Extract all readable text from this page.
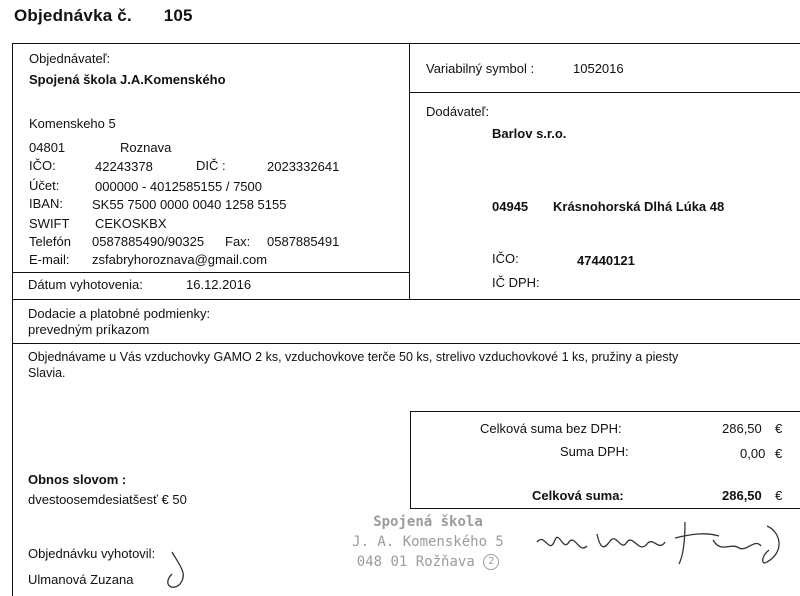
Objednávka č. 105
Objednávateľ:
Spojená škola J.A.Komenského
Komenskeho 5
04801	Roznava
IČO:	42243378	DIČ :	2023332641
Účet:	000000 - 4012585155 / 7500
IBAN: SK55 7500 0000 0040 1258 5155
SWIFT CEKOSKBX
Telefón 0587885490/90325 Fax: 0587885491
E-mail: zsfabryhoroznava@gmail.com
Dátum vyhotovenia:	16.12.2016
Variabilný symbol :	1052016
Dodávateľ:
Barlov s.r.o.
04945 Krásnohorská Dlhá Lúka 48
IČO:	47440121
IČ DPH:
Dodacie a platobné podmienky:
prevedným príkazom
Objednávame u Vás vzduchovky GAMO 2 ks, vzduchovkove terče 50 ks, strelivo vzduchovkové 1 ks, pružiny a piesty
Slavia.
Celková suma bez DPH:	286,50 €
Suma DPH:	0,00 €
Celková suma:	286,50 €
Obnos slovom :
dvestoosemdesiatšesť € 50
Objednávku vyhotovil:
Ulmanová Zuzana
Spojená škola
J. A. Komenského 5
048 01 Rožňava 2
